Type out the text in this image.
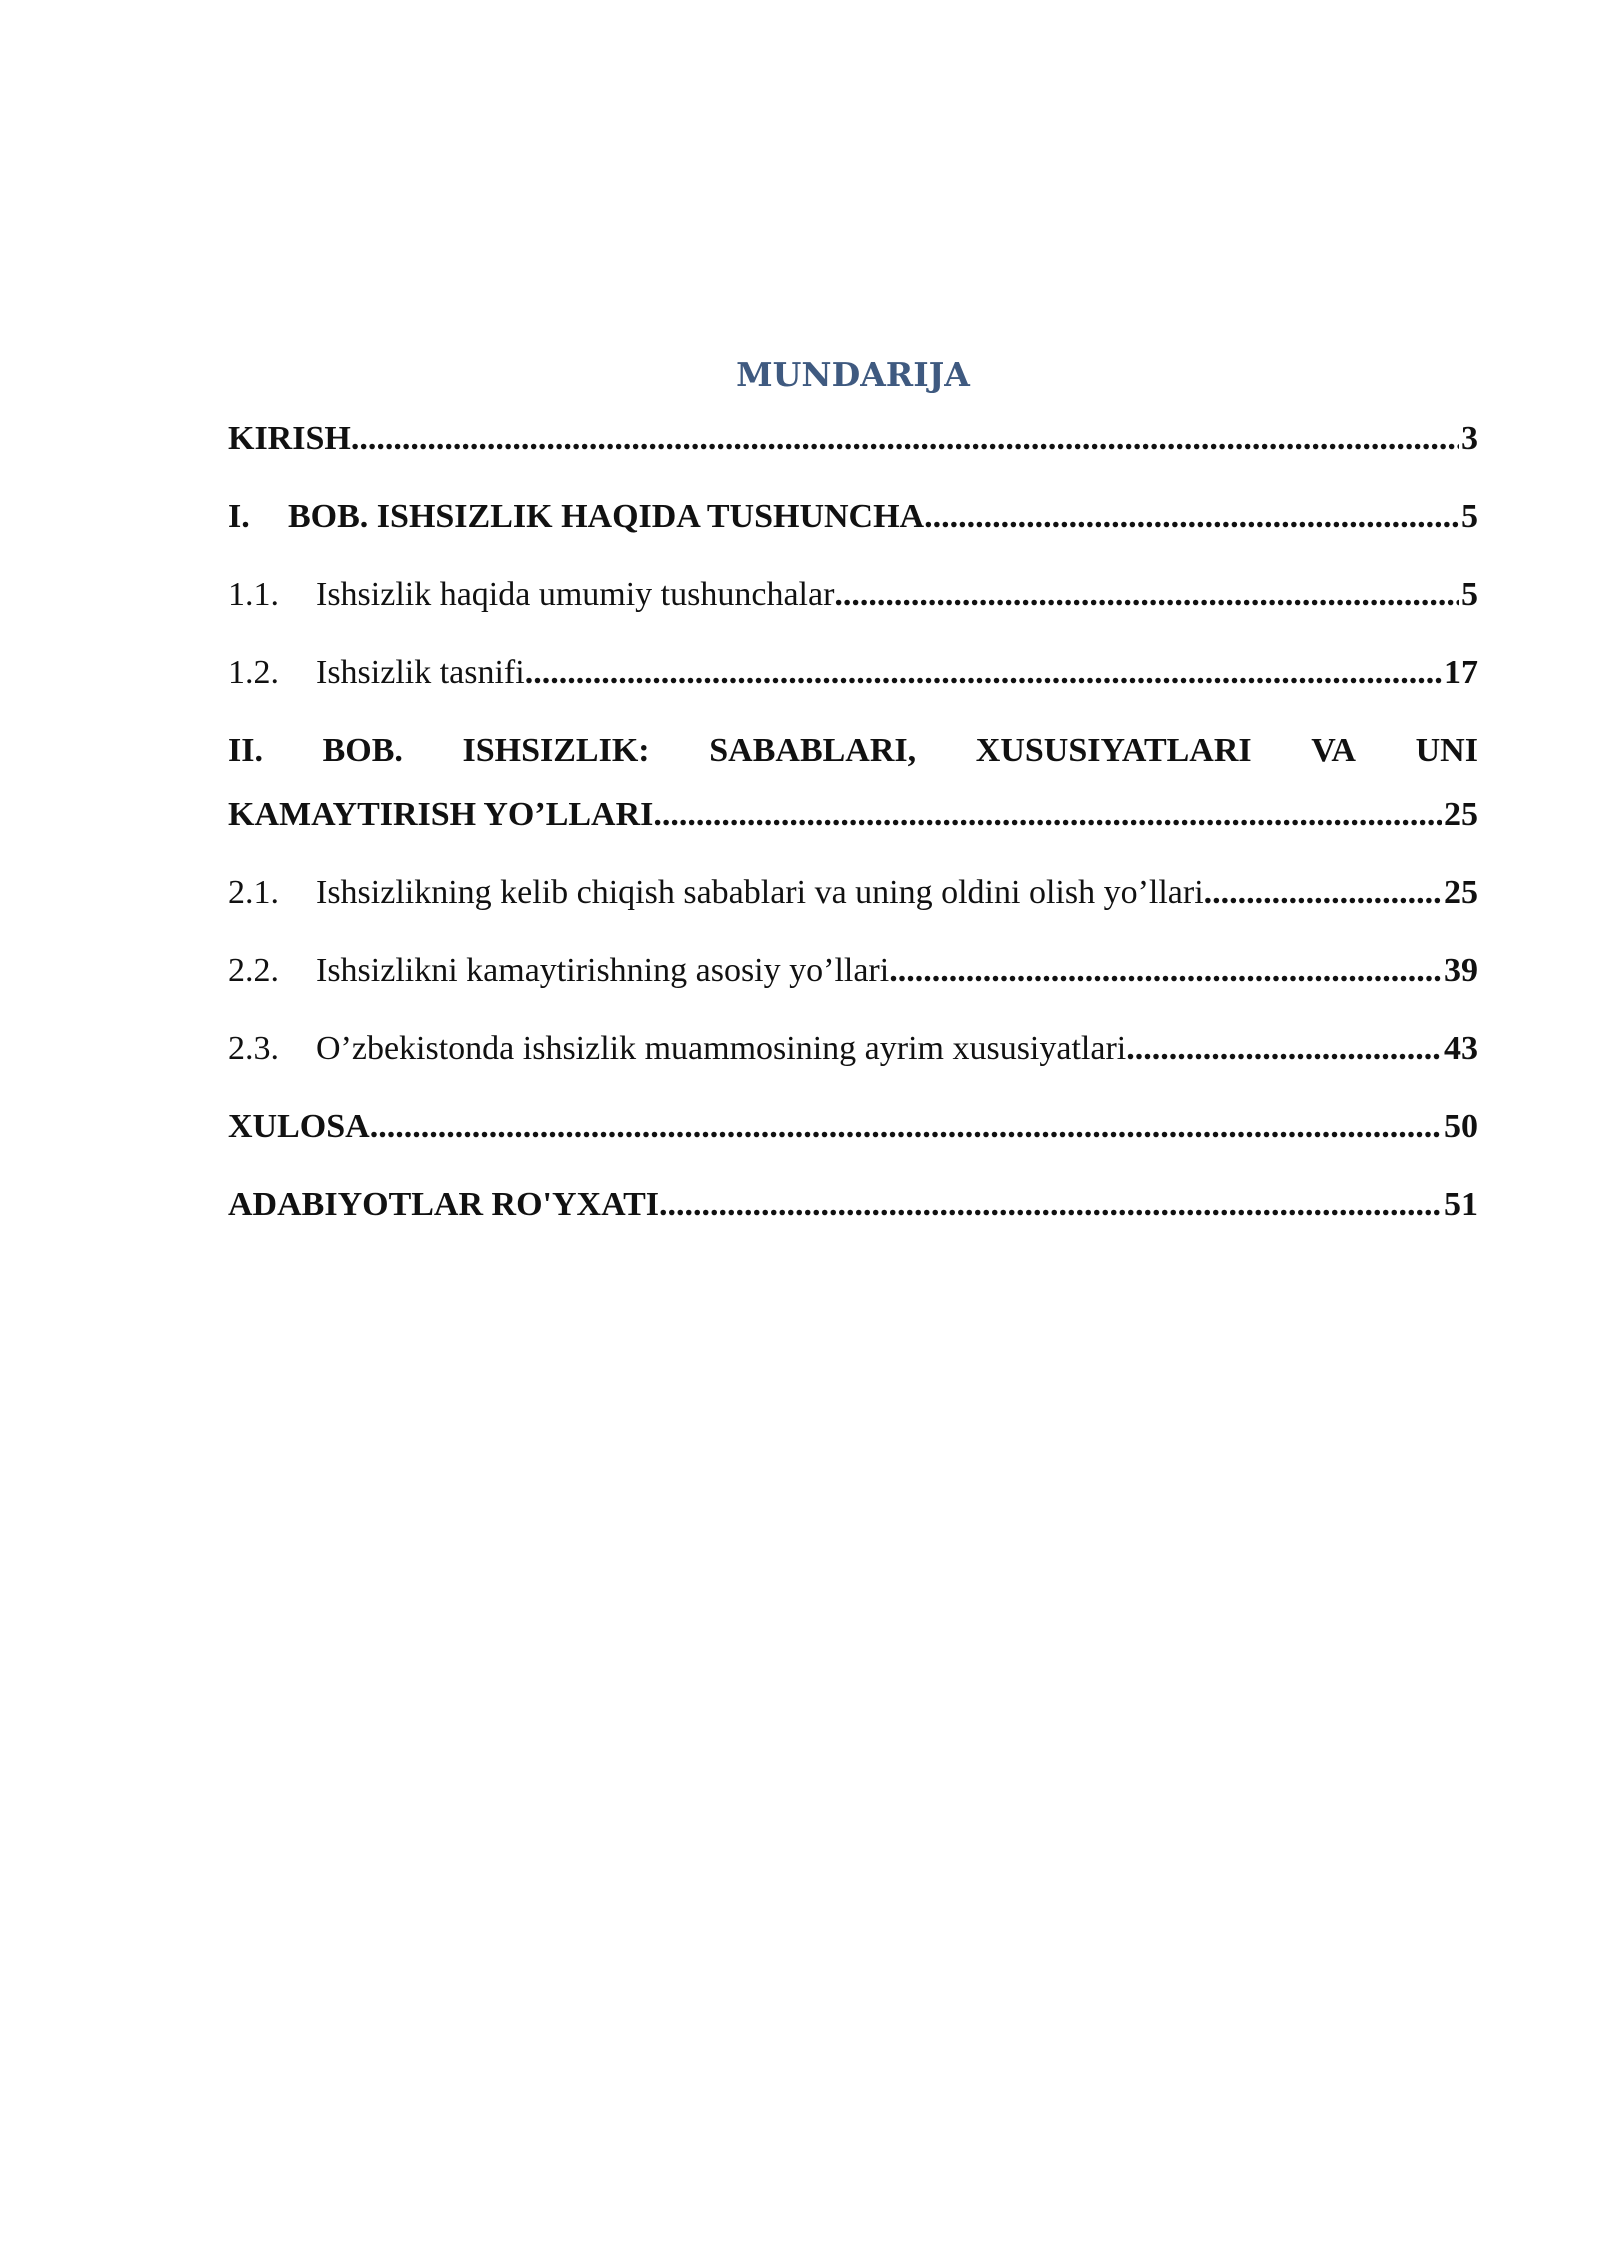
MUNDARIJA
KIRISH .....	3
I.	BOB. ISHSIZLIK HAQIDA TUSHUNCHA .....	5
1.1.	Ishsizlik haqida umumiy tushunchalar .....	5
1.2.	Ishsizlik tasnifi .....	17
II. BOB. ISHSIZLIK: SABABLARI, XUSUSIYATLARI VA UNI
KAMAYTIRISH YO’LLARI .....	25
2.1.	Ishsizlikning kelib chiqish sabablari va uning oldini olish yo’llari .....	25
2.2.	Ishsizlikni kamaytirishning asosiy yo’llari .....	39
2.3.	O’zbekistonda ishsizlik muammosining ayrim xususiyatlari .....	43
XULOSA .....	50
ADABIYOTLAR RO'YXATI .....	51
